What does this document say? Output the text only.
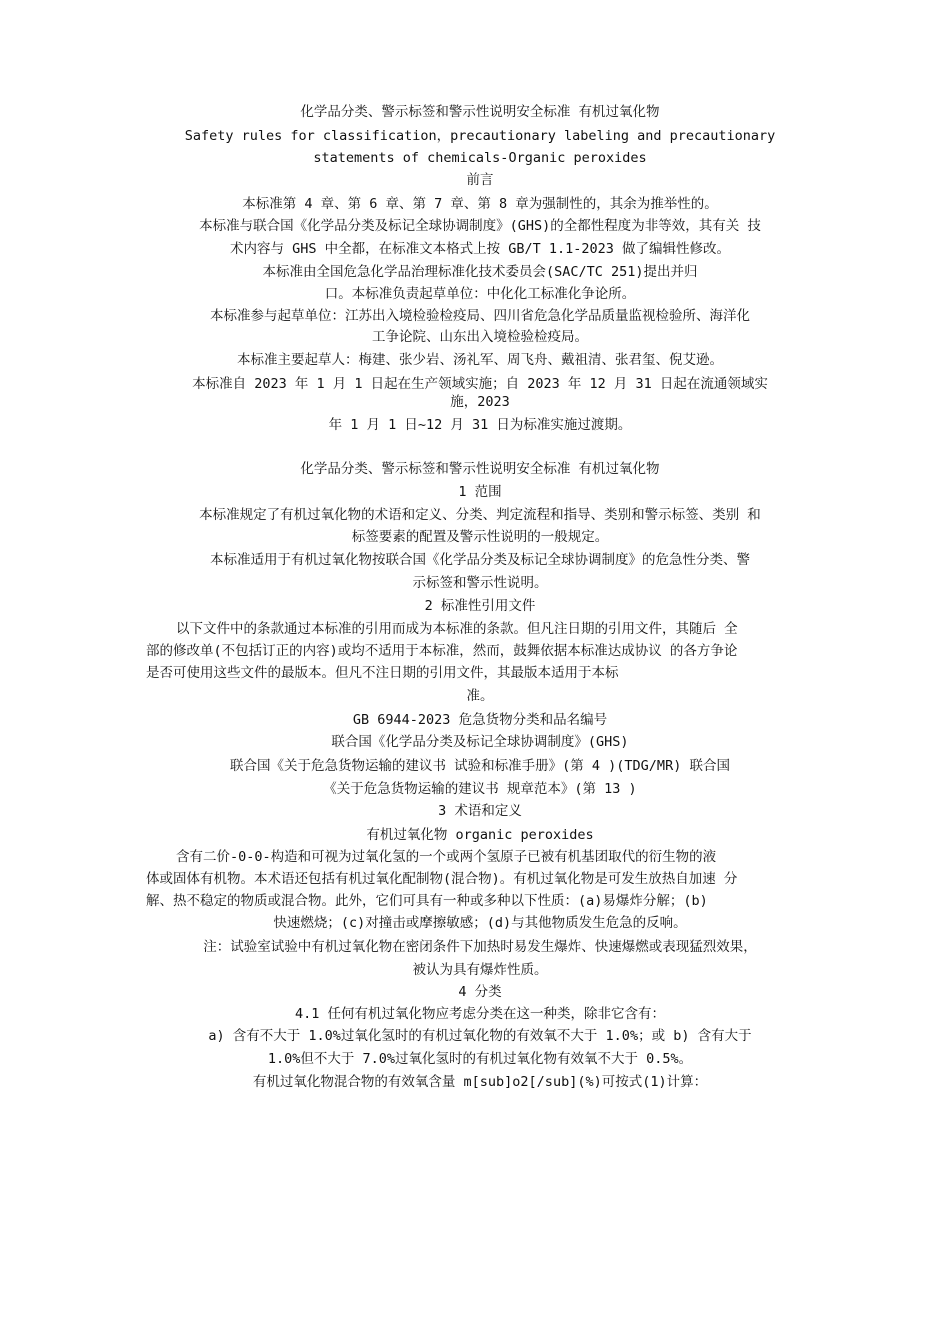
化学品分类、警示标签和警示性说明安全标准 有机过氧化物
Safety rules for classification，precautionary labeling and precautionary
statements of chemicals-Organic peroxides
前言
本标准第 4 章、第 6 章、第 7 章、第 8 章为强制性的，其余为推举性的。
本标准与联合国《化学品分类及标记全球协调制度》(GHS)的全都性程度为非等效，其有关 技
术内容与 GHS 中全都，在标准文本格式上按 GB/T 1.1-2023 做了编辑性修改。
本标准由全国危急化学品治理标准化技术委员会(SAC/TC 251)提出并归
口。本标准负责起草单位：中化化工标准化争论所。
本标准参与起草单位：江苏出入境检验检疫局、四川省危急化学品质量监视检验所、海洋化
工争论院、山东出入境检验检疫局。
本标准主要起草人：梅建、张少岩、汤礼军、周飞舟、戴祖清、张君玺、倪艾逊。
本标准自 2023 年 1 月 1 日起在生产领域实施；自 2023 年 12 月 31 日起在流通领域实
施，2023
年 1 月 1 日~12 月 31 日为标准实施过渡期。
化学品分类、警示标签和警示性说明安全标准 有机过氧化物
1 范围
本标准规定了有机过氧化物的术语和定义、分类、判定流程和指导、类别和警示标签、类别 和
标签要素的配置及警示性说明的一般规定。
本标准适用于有机过氧化物按联合国《化学品分类及标记全球协调制度》的危急性分类、警
示标签和警示性说明。
2 标准性引用文件
以下文件中的条款通过本标准的引用而成为本标准的条款。但凡注日期的引用文件，其随后 全
部的修改单(不包括订正的内容)或均不适用于本标准，然而，鼓舞依据本标准达成协议 的各方争论
是否可使用这些文件的最版本。但凡不注日期的引用文件，其最版本适用于本标
准。
GB 6944-2023 危急货物分类和品名编号
联合国《化学品分类及标记全球协调制度》(GHS)
联合国《关于危急货物运输的建议书 试验和标准手册》(第 4 )(TDG/MR) 联合国
《关于危急货物运输的建议书 规章范本》(第 13 )
3 术语和定义
有机过氧化物 organic peroxides
含有二价-0-0-构造和可视为过氧化氢的一个或两个氢原子已被有机基团取代的衍生物的液
体或固体有机物。本术语还包括有机过氧化配制物(混合物)。有机过氧化物是可发生放热自加速 分
解、热不稳定的物质或混合物。此外，它们可具有一种或多种以下性质：(a)易爆炸分解；(b)
快速燃烧；(c)对撞击或摩擦敏感；(d)与其他物质发生危急的反响。
注：试验室试验中有机过氧化物在密闭条件下加热时易发生爆炸、快速爆燃或表现猛烈效果，
被认为具有爆炸性质。
4 分类
4.1 任何有机过氧化物应考虑分类在这一种类，除非它含有：
a) 含有不大于 1.0%过氧化氢时的有机过氧化物的有效氧不大于 1.0%；或 b) 含有大于
1.0%但不大于 7.0%过氧化氢时的有机过氧化物有效氧不大于 0.5%。
有机过氧化物混合物的有效氧含量 m[sub]o2[/sub](%)可按式(1)计算：
